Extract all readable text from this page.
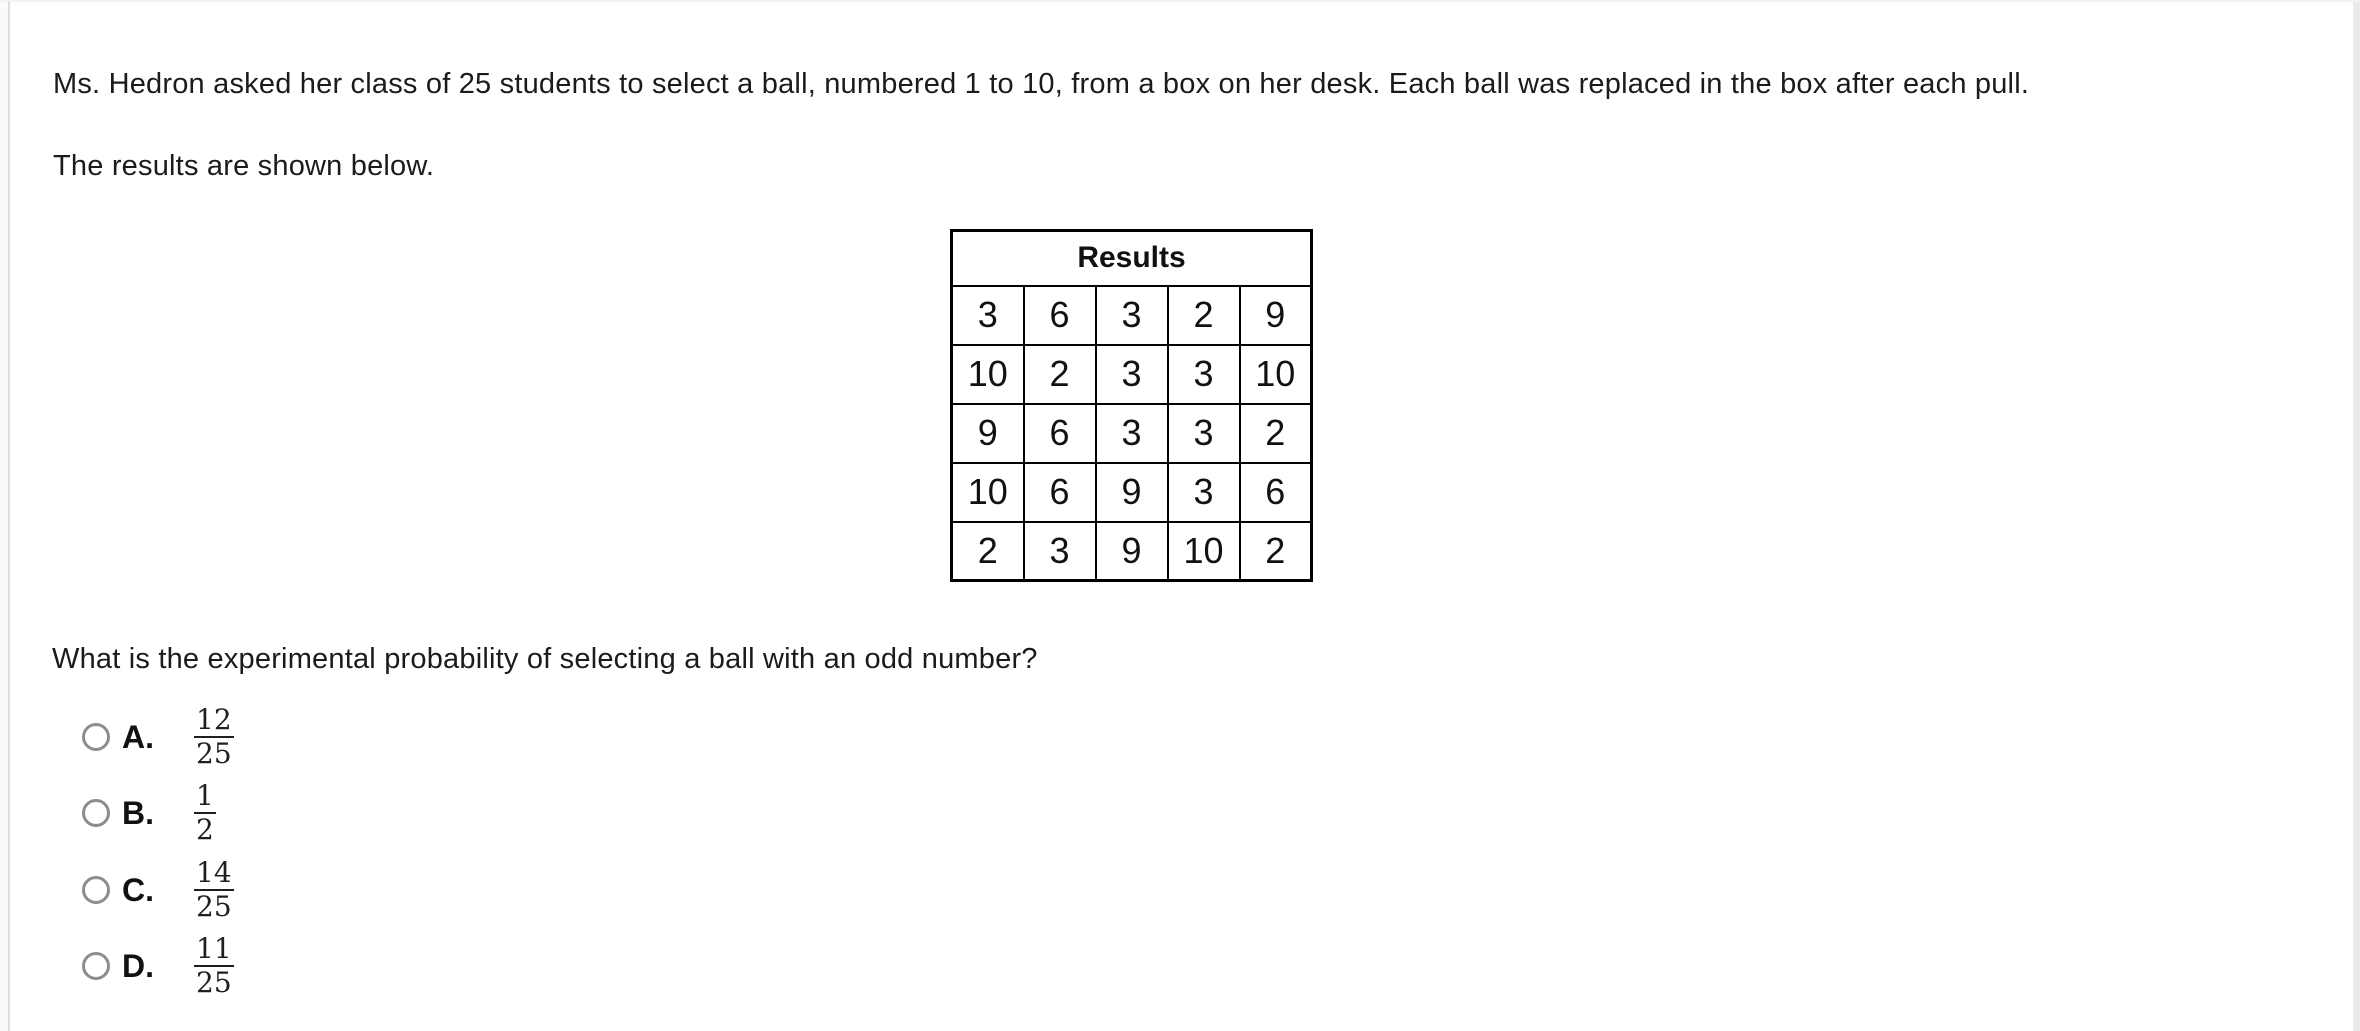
Ms. Hedron asked her class of 25 students to select a ball, numbered 1 to 10, from a box on her desk. Each ball was replaced in the box after each pull.

The results are shown below.

Results				
3	6	3	2	9
10	2	3	3	10
9	6	3	3	2
10	6	9	3	6
2	3	9	10	2

What is the experimental probability of selecting a ball with an odd number?

A.	$\frac{12}{25}$
B.	$\frac{1}{2}$
C.	$\frac{14}{25}$
D.	$\frac{11}{25}$
